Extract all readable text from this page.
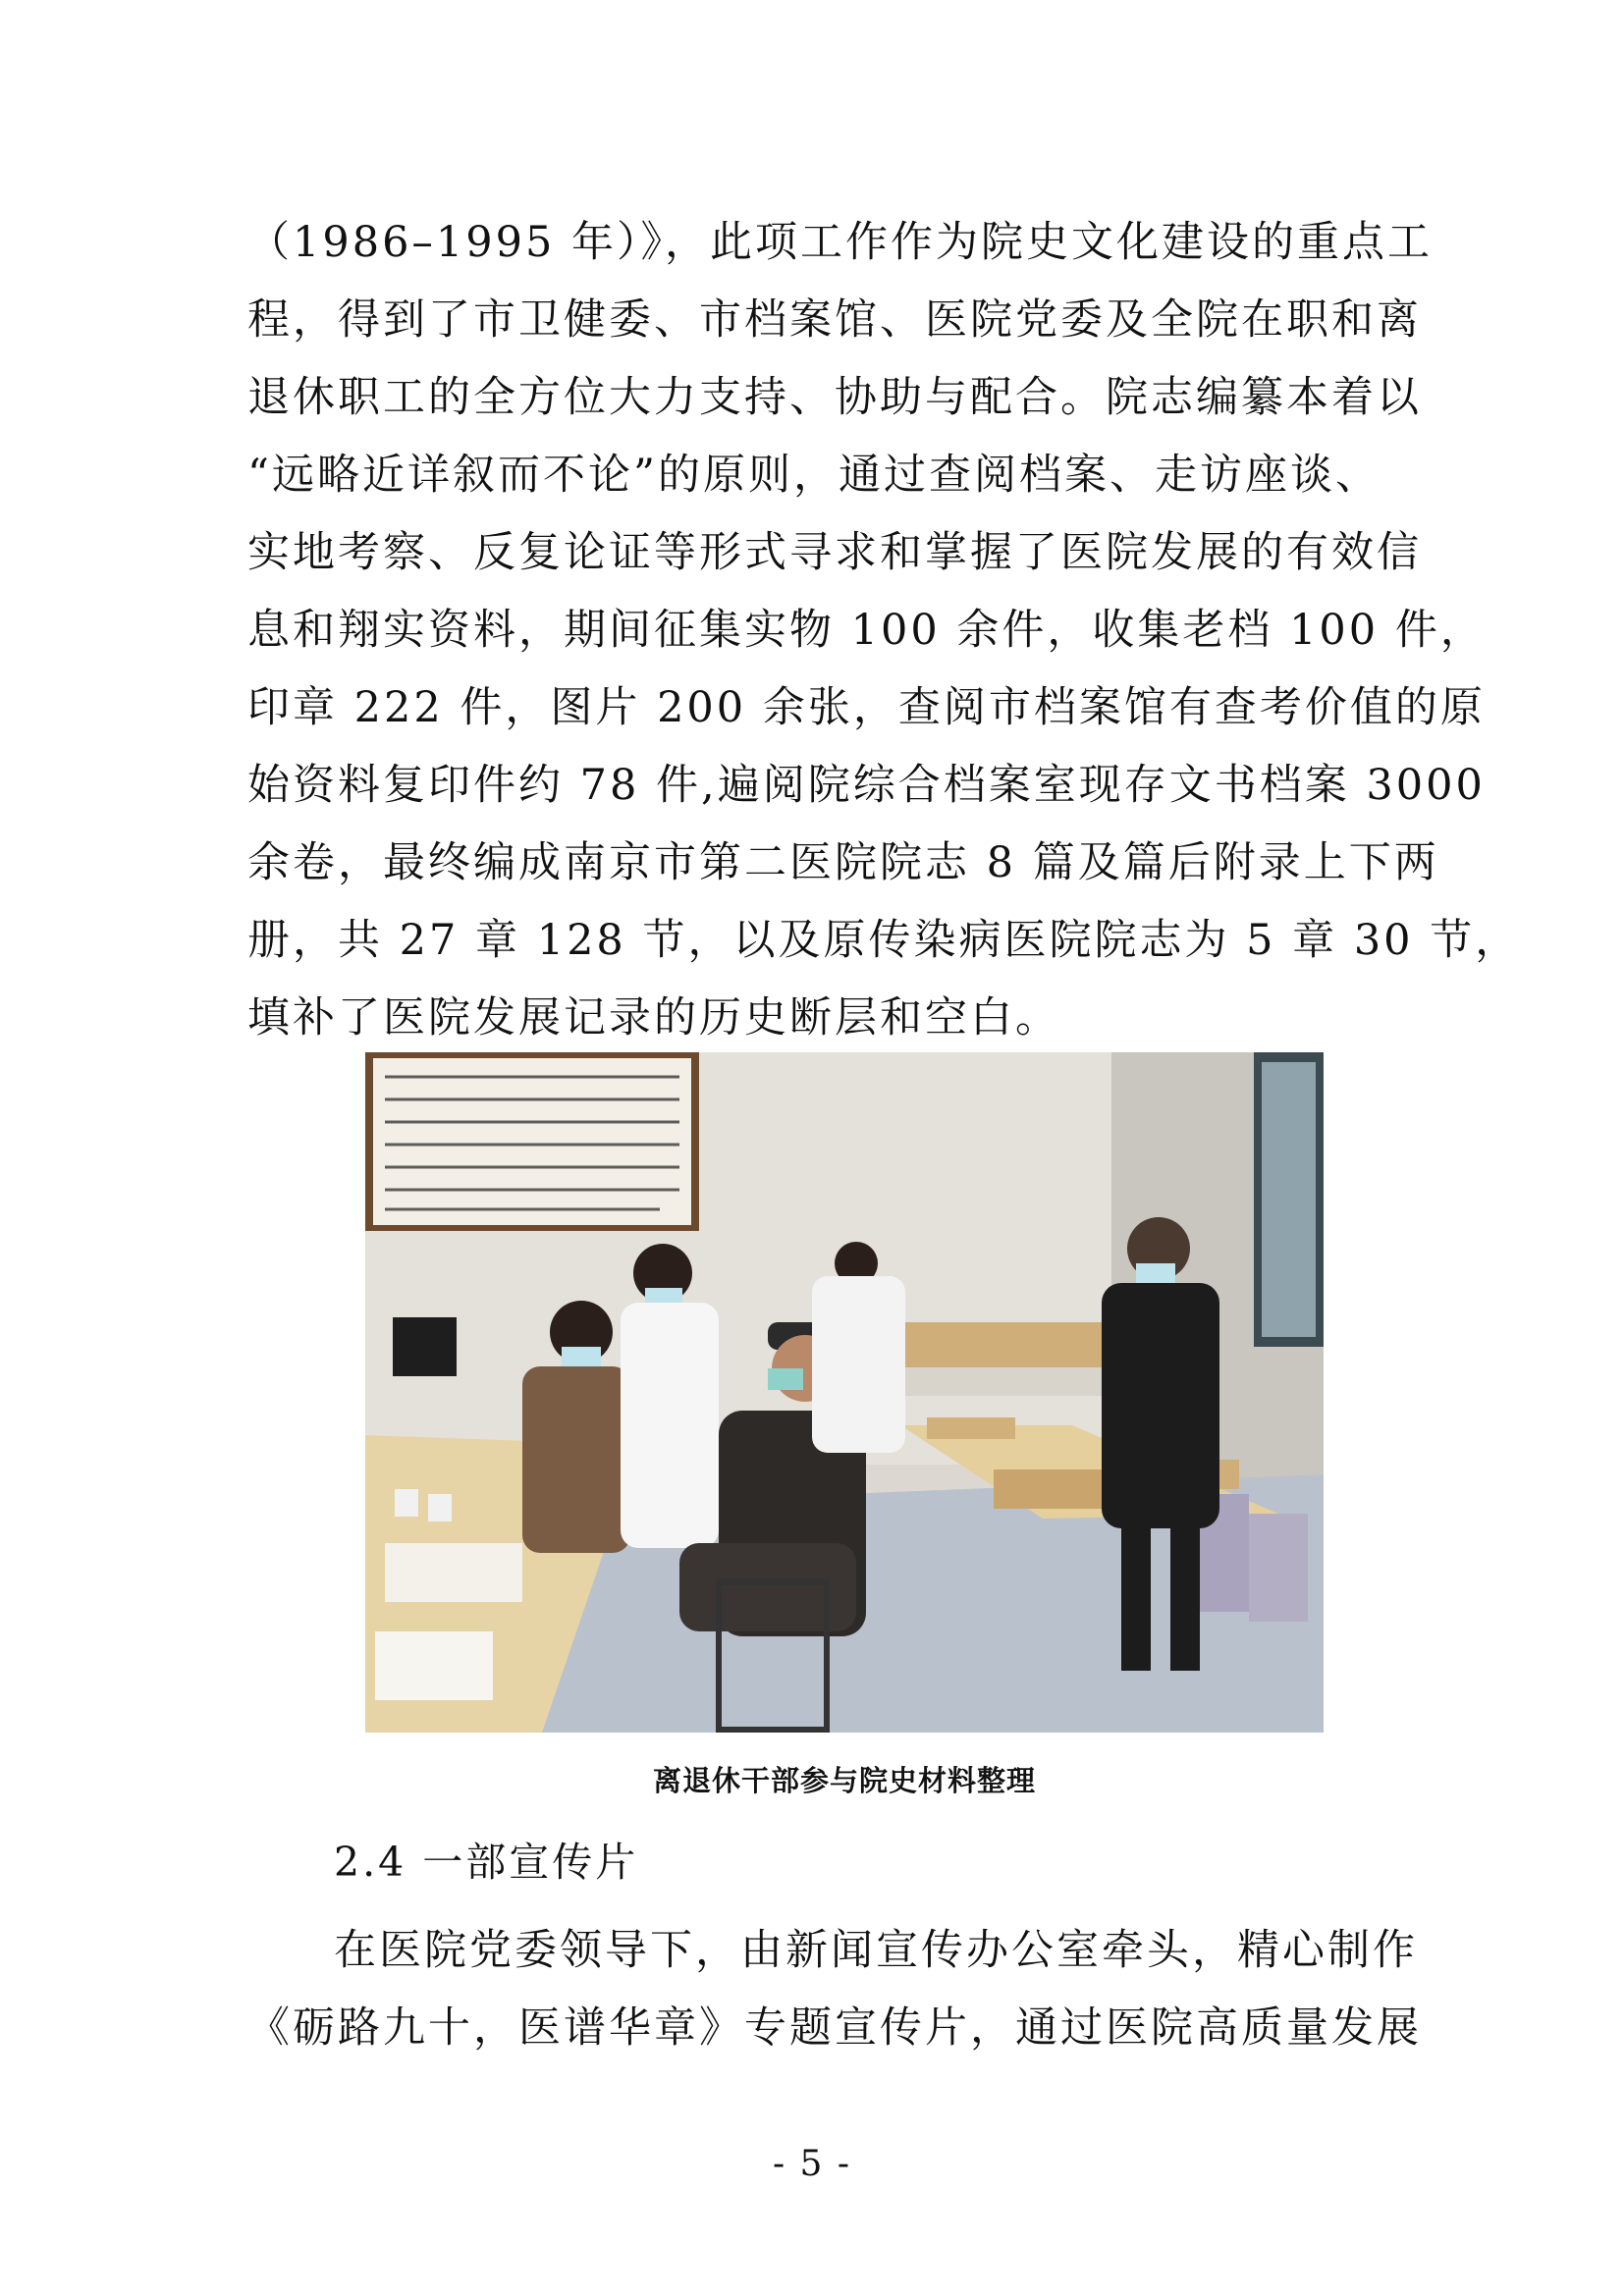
（1986–1995 年）》，此项工作作为院史文化建设的重点工
程，得到了市卫健委、市档案馆、医院党委及全院在职和离
退休职工的全方位大力支持、协助与配合。院志编纂本着以
“远略近详叙而不论”的原则，通过查阅档案、走访座谈、
实地考察、反复论证等形式寻求和掌握了医院发展的有效信
息和翔实资料，期间征集实物 100 余件，收集老档 100 件，
印章 222 件，图片 200 余张，查阅市档案馆有查考价值的原
始资料复印件约 78 件,遍阅院综合档案室现存文书档案 3000
余卷，最终编成南京市第二医院院志 8 篇及篇后附录上下两
册，共 27 章 128 节，以及原传染病医院院志为 5 章 30 节，
填补了医院发展记录的历史断层和空白。
离退休干部参与院史材料整理
2.4 一部宣传片
在医院党委领导下，由新闻宣传办公室牵头，精心制作
《砺路九十，医谱华章》专题宣传片，通过医院高质量发展
- 5 -
